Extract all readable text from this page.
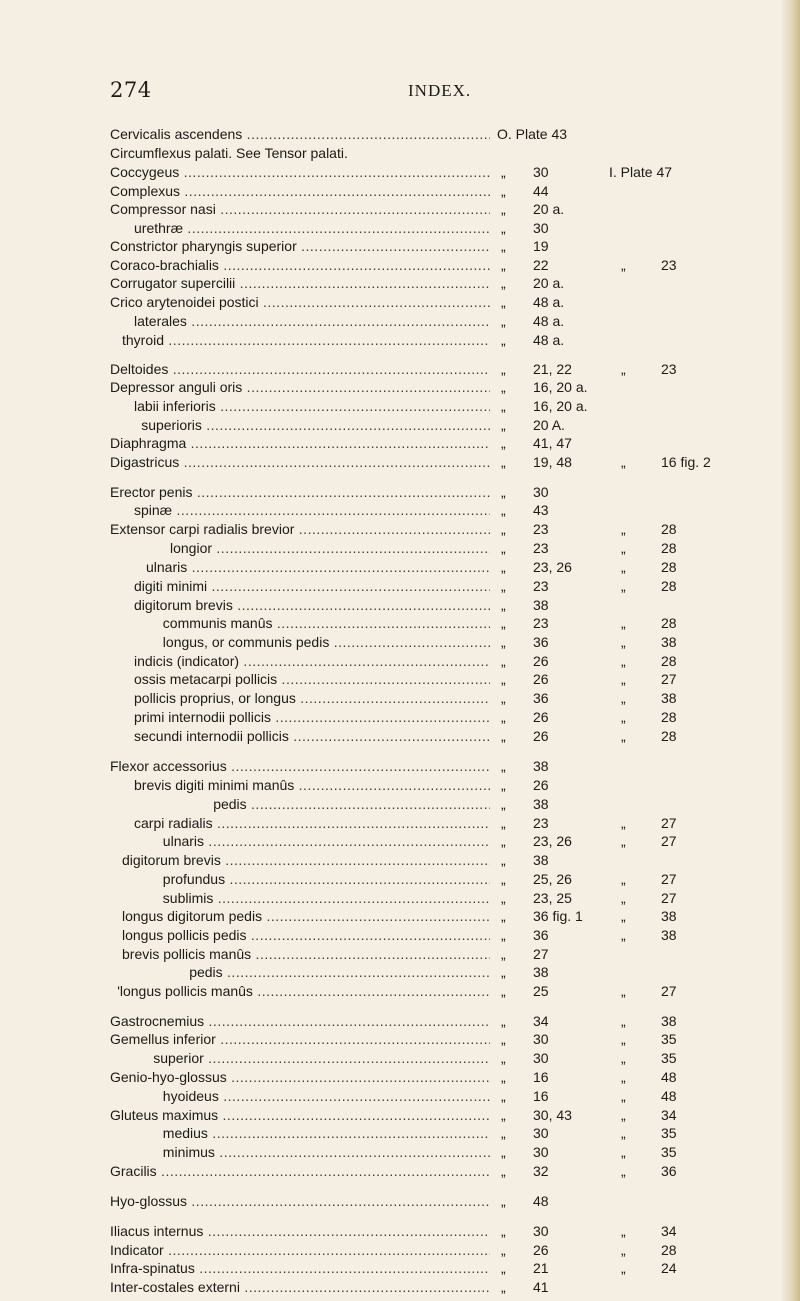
274	INDEX.
Cervicalis ascendens .....	O. Plate 43
Circumflexus palati. See Tensor palati.
Coccygeus .....	„ 30	I. Plate 47
Complexus .....	„ 44
Compressor nasi .....	„ 20 a.
urethræ .....	„ 30
Constrictor pharyngis superior .....	„ 19
Coraco-brachialis .....	„ 22	„	23
Corrugator supercilii .....	„ 20 a.
Crico arytenoidei postici .....	„ 48 a.
laterales .....	„ 48 a.
thyroid .....	„ 48 a.
Deltoides .....	„ 21, 22	„	23
Depressor anguli oris .....	„ 16, 20 a.
labii inferioris .....	„ 16, 20 a.
superioris .....	„ 20 A.
Diaphragma .....	„ 41, 47
Digastricus .....	„ 19, 48	„	16 fig. 2
Erector penis .....	„ 30
spinæ .....	„ 43
Extensor carpi radialis brevior .....	„ 23	„	28
longior .....	„ 23	„	28
ulnaris .....	„ 23, 26	„	28
digiti minimi .....	„ 23	„	28
digitorum brevis .....	„ 38
communis manûs .....	„ 23	„	28
longus, or communis pedis .....	„ 36	„	38
indicis (indicator) .....	„ 26	„	28
ossis metacarpi pollicis .....	„ 26	„	27
pollicis proprius, or longus .....	„ 36	„	38
primi internodii pollicis .....	„ 26	„	28
secundi internodii pollicis .....	„ 26	„	28
Flexor accessorius .....	„ 38
brevis digiti minimi manûs .....	„ 26
pedis .....	„ 38
carpi radialis .....	„ 23	„	27
ulnaris .....	„ 23, 26	„	27
digitorum brevis .....	„ 38
profundus .....	„ 25, 26	„	27
sublimis .....	„ 23, 25	„	27
longus digitorum pedis .....	„ 36 fig. 1	„	38
longus pollicis pedis .....	„ 36	„	38
brevis pollicis manûs .....	„ 27
pedis .....	„ 38
'longus pollicis manûs .....	„ 25	„	27
Gastrocnemius .....	„ 34	„	38
Gemellus inferior .....	„ 30	„	35
superior .....	„ 30	„	35
Genio-hyo-glossus .....	„ 16	„	48
hyoideus .....	„ 16	„	48
Gluteus maximus .....	„ 30, 43	„	34
medius .....	„ 30	„	35
minimus .....	„ 30	„	35
Gracilis .....	„ 32	„	36
Hyo-glossus .....	„ 48
Iliacus internus .....	„ 30	„	34
Indicator .....	„ 26	„	28
Infra-spinatus .....	„ 21	„	24
Inter-costales externi .....	„ 41
